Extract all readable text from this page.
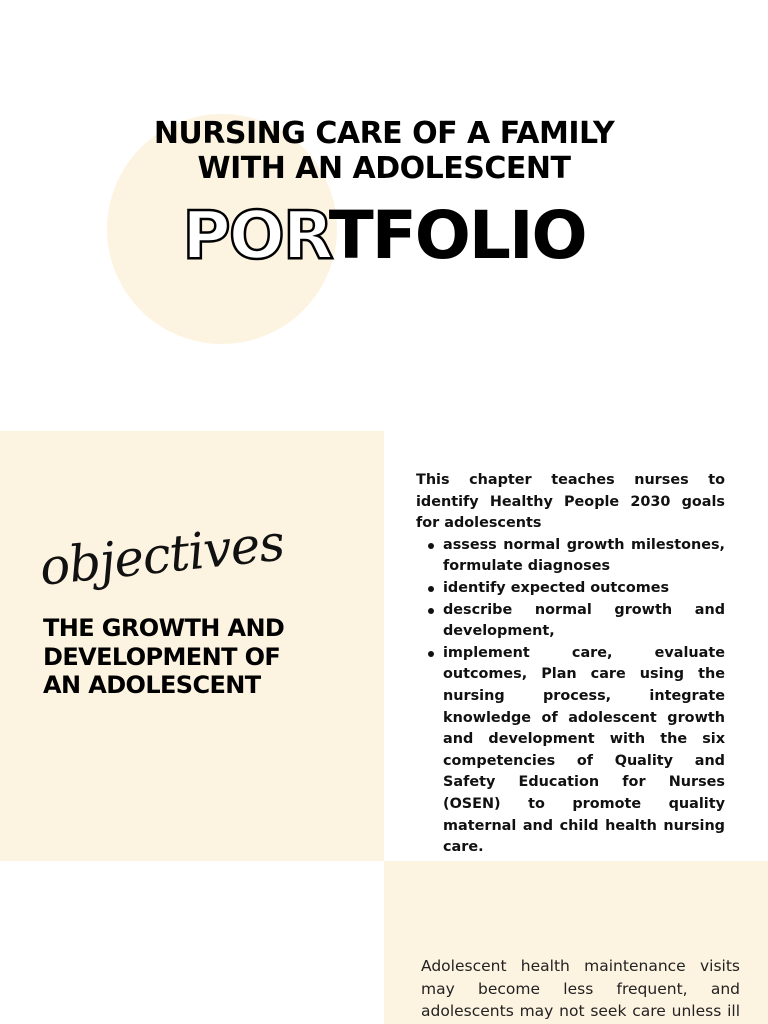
NURSING CARE OF A FAMILY
WITH AN ADOLESCENT
PORTFOLIO
objectives
THE GROWTH AND
DEVELOPMENT OF
AN ADOLESCENT
This chapter teaches nurses to identify Healthy People 2030 goals for adolescents
assess normal growth milestones, formulate diagnoses
identify expected outcomes
describe normal growth and development,
implement care, evaluate outcomes, Plan care using the nursing process, integrate knowledge of adolescent growth and development with the six competencies of Quality and Safety Education for Nurses (OSEN) to promote quality maternal and child health nursing care.
Adolescent health maintenance visits may become less frequent, and adolescents may not seek care unless ill
